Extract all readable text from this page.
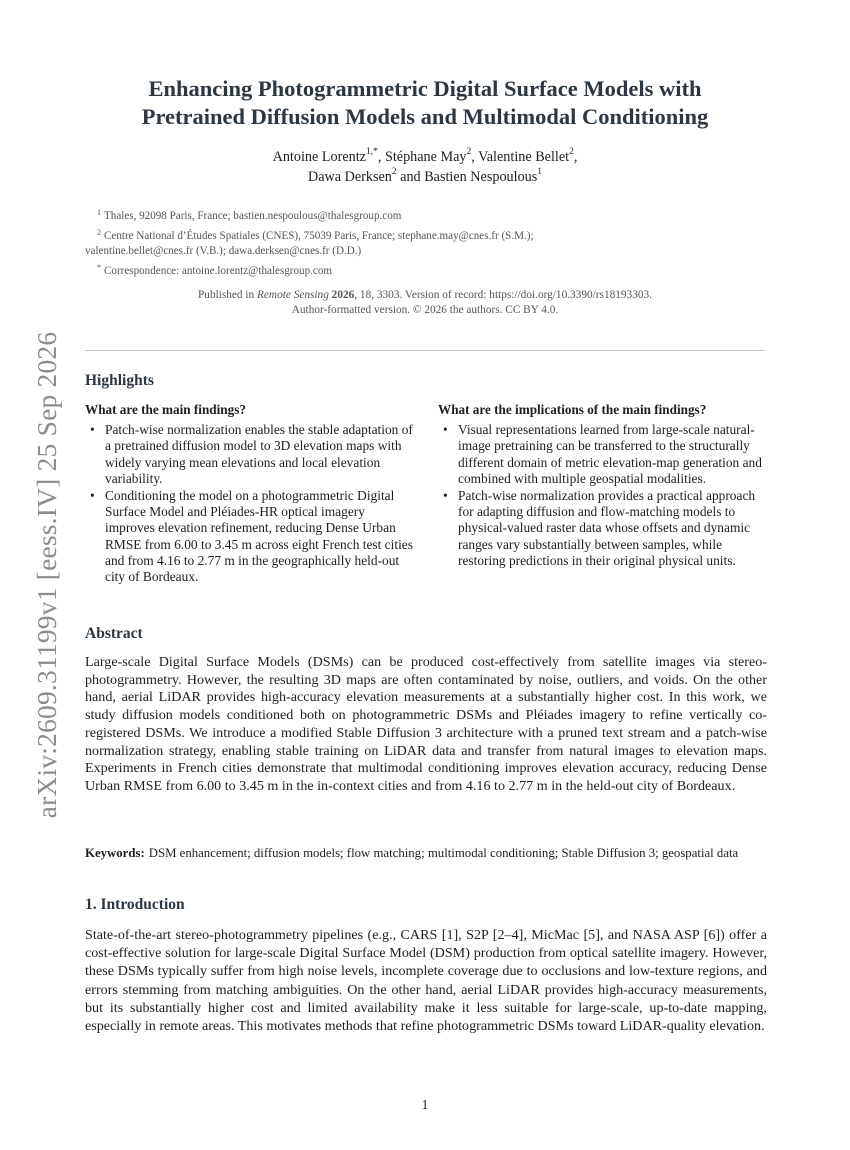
arXiv:2609.31199v1 [eess.IV] 25 Sep 2026
Enhancing Photogrammetric Digital Surface Models with
Pretrained Diffusion Models and Multimodal Conditioning
Antoine Lorentz$^{1,*}$, Stéphane May$^2$, Valentine Bellet$^2$,
Dawa Derksen$^2$ and Bastien Nespoulous$^1$
$^1$ Thales, 92098 Paris, France; bastien.nespoulous@thalesgroup.com
$^2$ Centre National d’Études Spatiales (CNES), 75039 Paris, France; stephane.may@cnes.fr (S.M.);
valentine.bellet@cnes.fr (V.B.); dawa.derksen@cnes.fr (D.D.)
* Correspondence: antoine.lorentz@thalesgroup.com
Published in Remote Sensing 2026, 18, 3303. Version of record: https://doi.org/10.3390/rs18193303.
Author-formatted version. © 2026 the authors. CC BY 4.0.
Highlights
What are the main findings?
• Patch-wise normalization enables the stable adaptation of a pretrained diffusion model to 3D elevation maps with widely varying mean elevations and local elevation variability.
• Conditioning the model on a photogrammetric Digital Surface Model and Pléiades-HR optical imagery improves elevation refinement, reducing Dense Urban RMSE from 6.00 to 3.45 m across eight French test cities and from 4.16 to 2.77 m in the geographically held-out city of Bordeaux.
What are the implications of the main findings?
• Visual representations learned from large-scale natural-image pretraining can be transferred to the structurally different domain of metric elevation-map generation and combined with multiple geospatial modalities.
• Patch-wise normalization provides a practical approach for adapting diffusion and flow-matching models to physical-valued raster data whose offsets and dynamic ranges vary substantially between samples, while restoring predictions in their original physical units.
Abstract

Large-scale Digital Surface Models (DSMs) can be produced cost-effectively from satellite images via stereo-photogrammetry. However, the resulting 3D maps are often contaminated by noise, outliers, and voids. On the other hand, aerial LiDAR provides high-accuracy elevation measurements at a substantially higher cost. In this work, we study diffusion models conditioned both on photogrammetric DSMs and Pléiades imagery to refine vertically co-registered DSMs. We introduce a modified Stable Diffusion 3 architecture with a pruned text stream and a patch-wise normalization strategy, enabling stable training on LiDAR data and transfer from natural images to elevation maps. Experiments in French cities demonstrate that multimodal conditioning improves elevation accuracy, reducing Dense Urban RMSE from 6.00 to 3.45 m in the in-context cities and from 4.16 to 2.77 m in the held-out city of Bordeaux.

Keywords: DSM enhancement; diffusion models; flow matching; multimodal conditioning; Stable Diffusion 3; geospatial data

1. Introduction

State-of-the-art stereo-photogrammetry pipelines (e.g., CARS [1], S2P [2–4], MicMac [5], and NASA ASP [6]) offer a cost-effective solution for large-scale Digital Surface Model (DSM) production from optical satellite imagery. However, these DSMs typically suffer from high noise levels, incomplete coverage due to occlusions and low-texture regions, and errors stemming from matching ambiguities. On the other hand, aerial LiDAR provides high-accuracy measurements, but its substantially higher cost and limited availability make it less suitable for large-scale, up-to-date mapping, especially in remote areas. This motivates methods that refine photogrammetric DSMs toward LiDAR-quality elevation.

1
